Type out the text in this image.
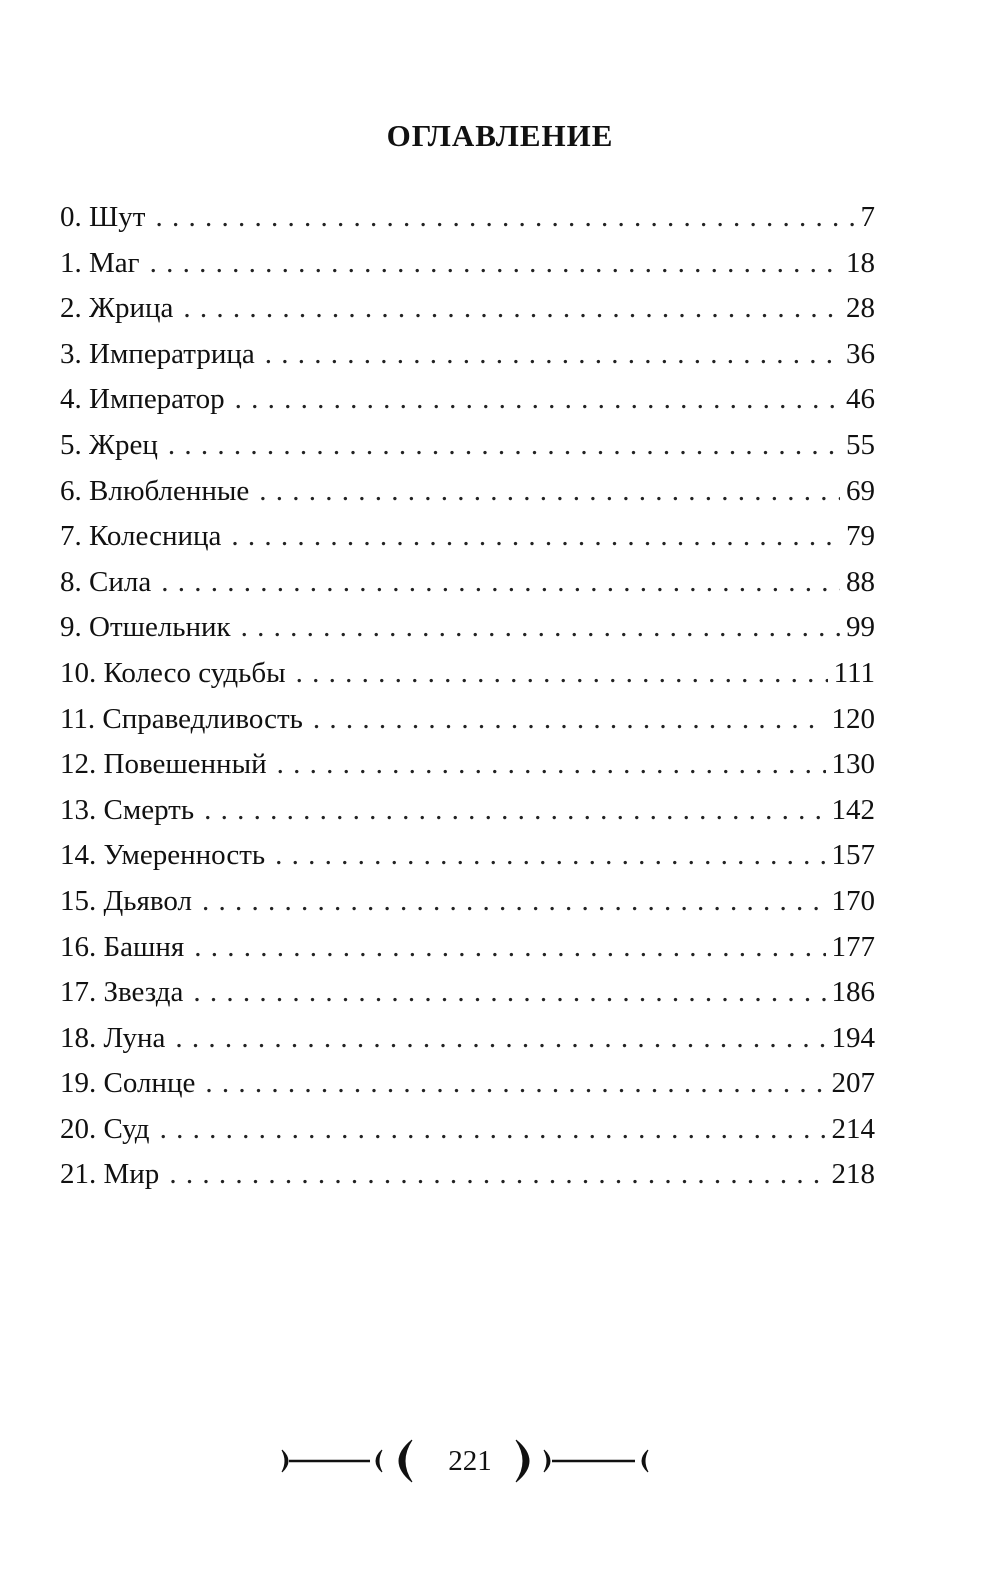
ОГЛАВЛЕНИЕ
0. Шут . . .	7
1. Маг . . .	18
2. Жрица . . .	28
3. Императрица . . .	36
4. Император . . .	46
5. Жрец . . .	55
6. Влюбленные . . .	69
7. Колесница . . .	79
8. Сила . . .	88
9. Отшельник . . .	99
10. Колесо судьбы . . .	111
11. Справедливость . . .	120
12. Повешенный . . .	130
13. Смерть . . .	142
14. Умеренность . . .	157
15. Дьявол . . .	170
16. Башня . . .	177
17. Звезда . . .	186
18. Луна . . .	194
19. Солнце . . .	207
20. Суд . . .	214
21. Мир . . .	218
221
